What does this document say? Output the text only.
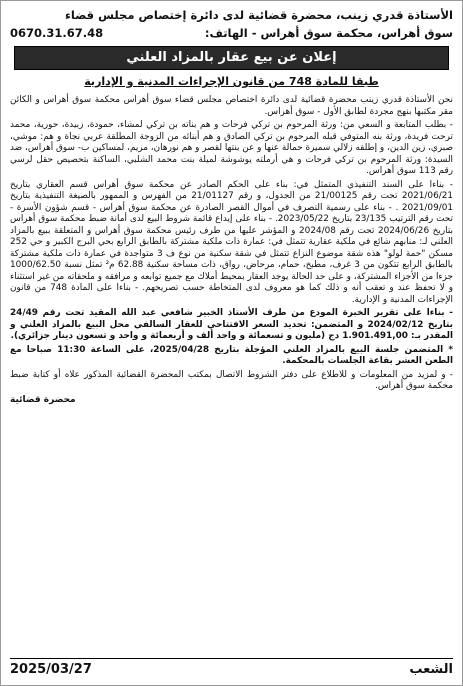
الأستاذة قدري زينب، محضرة قضائية لدى دائرة إختصاص مجلس قضاء
سوق أهراس، محكمة سوق أهراس - الهاتف:
0670.31.67.48
إعلان عن بيع عقار بالمزاد العلني
طبقا للمادة 748 من قانون الإجراءات المدنية و الإدارية

نحن الأستاذة قدري زينب محضرة قضائية لدى دائرة اختصاص مجلس قضاء سوق أهراس محكمة سوق أهراس و الكائن مقر مكتبها بنهج مجردة لطابق الأول - سوق أهراس.

- بطلب المتابعة و السعي من: ورثة المرحوم بن تركي فرحات و هم بناته بن تركي لمشاء، حمودة، زبيدة، حورية، محمد ترحت فريدة، ورثة بنه المتوفي قبله المرحوم بن تركي الصادق و هم أبنائه من الزوجة المطلقة عربي نجاة و هم: موشي، صبري، زين الدين، و إطلقه زلالي سميرة حمالة عنها و عن بنتها لقصر و هم نورهان، مريم، لمساكين ب- سوق أهراس، ضد السيدة: ورثة المرحوم بن تركي فرحات و هي أرملته يوشوشة لميلة بنت محمد الشلبي، الساكنة بتحصيص حقل لرسي رقم 113 سوق أهراس.

- بناءا على السند التنفيذي المتمثل في: بناء على الحكم الصادر عن محكمة سوق أهراس قسم العقاري بتاريخ 2021/06/21 تحت رقم 21/00125 من الجدول، و رقم 21/01127 من الفهرس و الممهور بالصيغة التنفيذية بتاريخ 2021/09/01 . - بناء على رسمية التصرف في أموال القصر الصادرة عن محكمة سوق أهراس - قسم شؤون الأسرة - تحت رقم الترتيب 23/135 بتاريخ 2023/05/22. - بناء على إيداع قائمة شروط البيع لدى أمانة ضبط محكمة سوق أهراس بتاريخ 2024/06/26 تحت رقم 2024/08 و المؤشر عليها من طرف رئيس محكمة سوق أهراس و المتعلقة ببيع بالمزاد العلني لـ: منابهم شائع في ملكية عقارية تتمثل في: عمارة ذات ملكية مشتركة بالطابق الرابع بحي البرج الكبير و حي 252 مسكن "حمة لولو" هذه شقة موضوع النزاع تتمثل في شقة سكنية من نوع ف 3 متواجدة في عمارة ذات ملكية مشتركة بالطابق الرابع تتكون من 3 غرف، مطبخ، حمام، مرحاض، رواق، ذات مساحة سكنية 62.88 م² تمثل نسبة 1000/62.50 جزءا من الأجزاء المشتركة، و على حد الحالة يوجد العقار بمحيط أملاك مع جميع توابعه و مرافقه و ملحقاته من غير استثناء و لا تحفظ عند و تعقب أنه و ذلك كما هو معروف لدى المتخاطة حسب تصريحهم. - بناءا على المادة 748 من قانون الإجراءات المدنية و الإدارية.

- بناءا على تقرير الخبرة المودع من طرف الأستاذ الخبير شافعي عبد الله المقيد تحت رقم 24/49 بتاريخ 2024/02/12 و المتضمن: تحديد السعر الافتتاحي للعقار السالفي محل البيع بالمزاد العلني و المقدر بـ: 1.901.491,00 دج (مليون و تسعمائة و واحد ألف و أربعمائة و واحد و تسعون دينار جزائري).

* المتضمن جلسة البيع بالمزاد العلني المؤجلة بتاريخ 2025/04/28، على الساعة 11:30 صباحا مع الطعن العشر بقاعة الجلسات بالمحكمة.

- و لمزيد من المعلومات و للاطلاع على دفتر الشروط الاتصال بمكتب المحضرة القضائية المذكور علاه أو كتابة ضبط محكمة سوق أهراس.

محضرة قضائية
الشعب
2025/03/27
